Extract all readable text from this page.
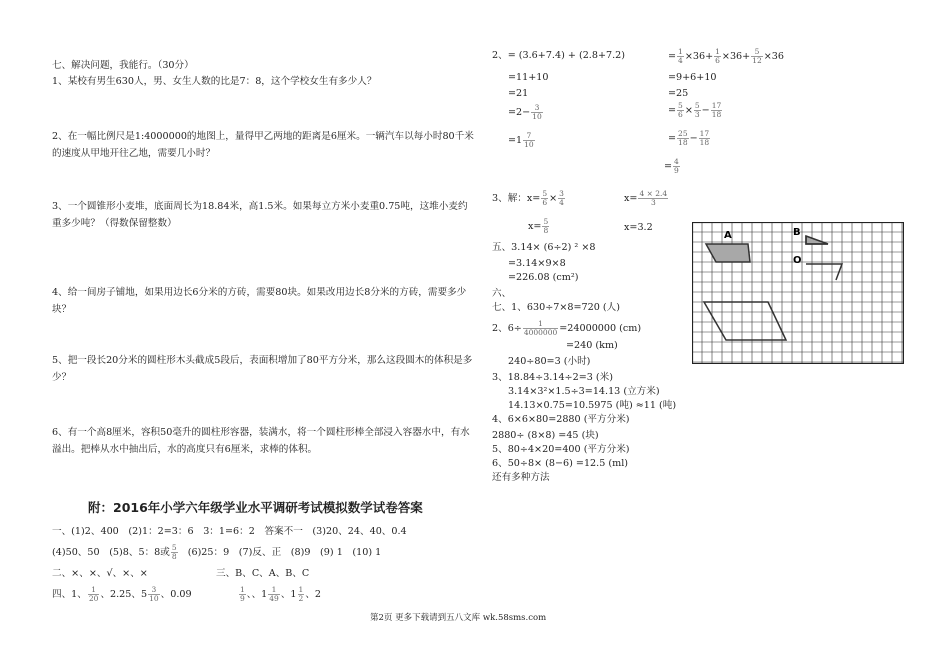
七、解决问题，我能行。（30分）
1、某校有男生630人，男、女生人数的比是7：8，这个学校女生有多少人？
2、在一幅比例尺是1:4000000的地图上，量得甲乙两地的距离是6厘米。一辆汽车以每小时80千米的速度从甲地开往乙地，需要几小时？
3、一个圆锥形小麦堆，底面周长为18.84米，高1.5米。如果每立方米小麦重0.75吨，这堆小麦约重多少吨？（得数保留整数）
4、给一间房子铺地，如果用边长6分米的方砖，需要80块。如果改用边长8分米的方砖，需要多少块？
5、把一段长20分米的圆柱形木头截成5段后，表面积增加了80平方分米，那么这段圆木的体积是多少？
6、有一个高8厘米，容积50毫升的圆柱形容器，装满水，将一个圆柱形棒全部浸入容器水中，有水溢出。把棒从水中抽出后，水的高度只有6厘米，求棒的体积。
附：2016年小学六年级学业水平调研考试模拟数学试卷答案
一、(1)2、400　(2)1：2=3：6　3：1=6：2　答案不一　(3)20、24、40、0.4
(4)50、50　(5)8、5：8或 $\frac{5}{8} (6)25$：9　(7)反、正　(8)9　(9) 1　(10) 1
二、×、×、√、×、×	三、B、C、A、B、C
四、1、 $\frac{1}{20}$ 、2.25、$5 \frac{3}{10}$ 、0.09	$\frac{1}{9}$ 、、$1 \frac{1}{49}$ 、$1 \frac{1}{2}$ 、2
2、= (3.6+7.4) + (2.8+7.2)
=11+10
=21
$=2- \frac{3}{10}$
$=1 \frac{7}{10}$
= $\frac{1}{4} \times 36+ \frac{1}{6} \times 36+ \frac{5}{12} \times 36$
=9+6+10
=25
= $\frac{5}{6} \times \frac{5}{3} - \frac{17}{18}$
= $\frac{25}{18} - \frac{17}{18}$
= $\frac{4}{9}$
3、解：$x= \frac{5}{6} \times \frac{3}{4}$
$x= \frac{5}{8}$
$x= \frac{4 \times 2.4}{3}$
x=3.2
五、3.14× (6÷2) ² ×8
=3.14×9×8
=226.08 (cm²)
六、
七、1、630÷7×8=720 (人)
2、$6\div \frac{1}{4000000} =24000000$ (cm)
=240 (km)
240÷80=3 (小时)
3、18.84÷3.14÷2=3 (米)
3.14×3²×1.5÷3=14.13 (立方米)
14.13×0.75=10.5975 (吨) ≈11 (吨)
4、6×6×80=2880 (平方分米)
2880÷ (8×8) =45 (块)
5、80÷4×20=400 (平方分米)
6、50÷8× (8−6) =12.5 (ml)
还有多种方法
A	B
O
第2页 更多下载请到五八文库 wk.58sms.com
